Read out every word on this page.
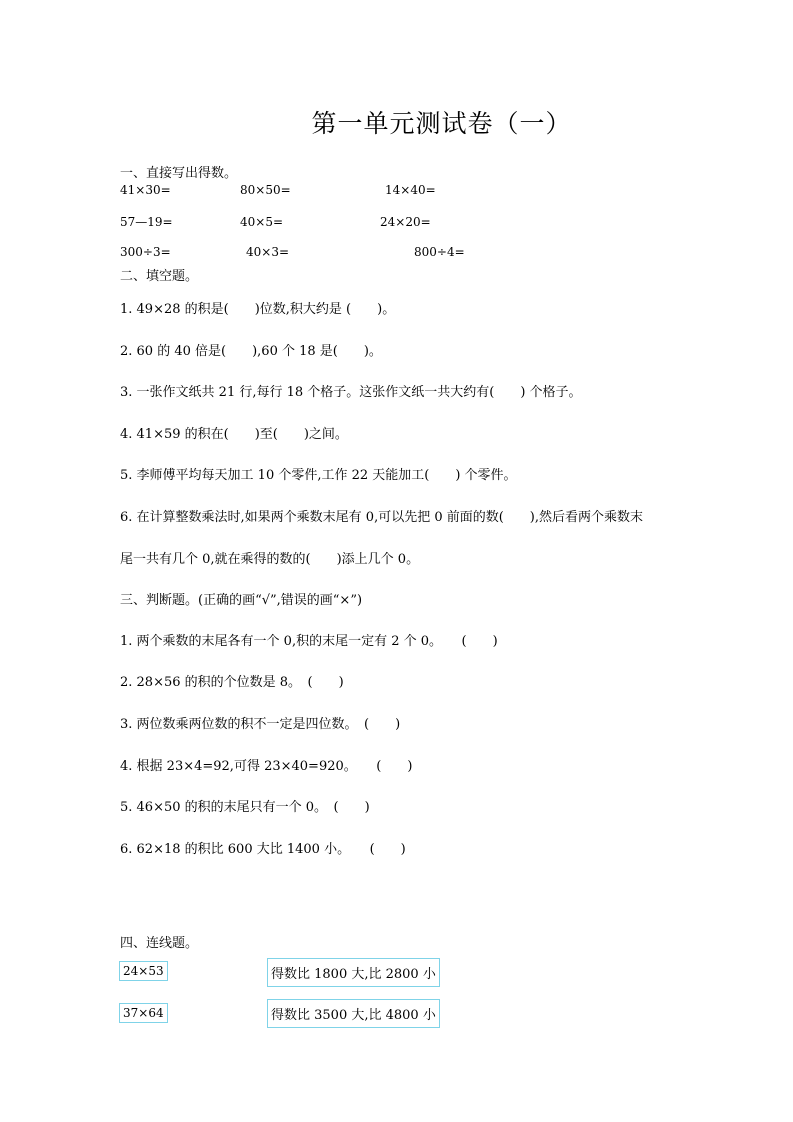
第一单元测试卷（一）
一、直接写出得数。
41×30=	80×50=	14×40=
57—19=	40×5=	24×20=
300÷3=	40×3=	800÷4=
二、填空题。
1. 49×28 的积是(　　)位数,积大约是 (　　)。
2. 60 的 40 倍是(　　),60 个 18 是(　　)。
3. 一张作文纸共 21 行,每行 18 个格子。这张作文纸一共大约有(　　) 个格子。
4. 41×59 的积在(　　)至(　　)之间。
5. 李师傅平均每天加工 10 个零件,工作 22 天能加工(　　) 个零件。
6. 在计算整数乘法时,如果两个乘数末尾有 0,可以先把 0 前面的数(　　),然后看两个乘数末
尾一共有几个 0,就在乘得的数的(　　)添上几个 0。
三、判断题。(正确的画“√”,错误的画“×”)
1. 两个乘数的末尾各有一个 0,积的末尾一定有 2 个 0。　　(　　)
2. 28×56 的积的个位数是 8。　(　　)
3. 两位数乘两位数的积不一定是四位数。　(　　)
4. 根据 23×4=92,可得 23×40=920。　　(　　)
5. 46×50 的积的末尾只有一个 0。　(　　)
6. 62×18 的积比 600 大比 1400 小。　　(　　)
四、连线题。
24×53	得数比 1800 大,比 2800 小
37×64	得数比 3500 大,比 4800 小
